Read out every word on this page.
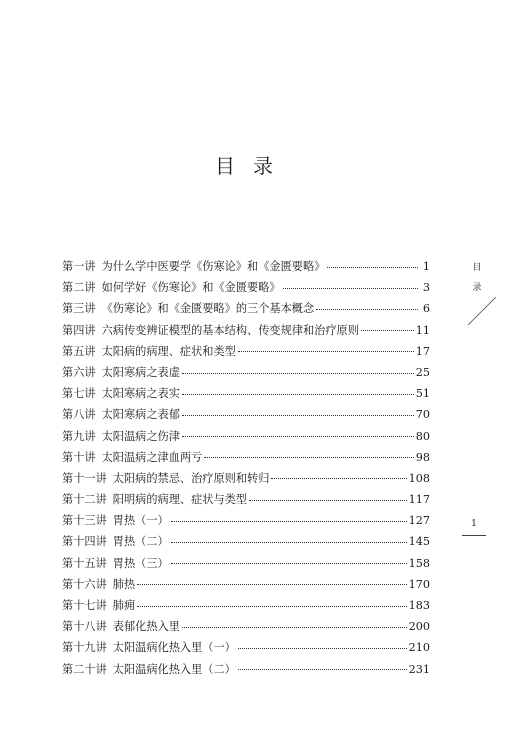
目 录
第一讲 为什么学中医要学《伤寒论》和《金匮要略》	1
第二讲 如何学好《伤寒论》和《金匮要略》	3
第三讲 《伤寒论》和《金匮要略》的三个基本概念	6
第四讲 六病传变辨证模型的基本结构、传变规律和治疗原则	11
第五讲 太阳病的病理、症状和类型	17
第六讲 太阳寒病之表虚	25
第七讲 太阳寒病之表实	51
第八讲 太阳寒病之表郁	70
第九讲 太阳温病之伤津	80
第十讲 太阳温病之津血两亏	98
第十一讲 太阳病的禁忌、治疗原则和转归	108
第十二讲 阳明病的病理、症状与类型	117
第十三讲 胃热（一）	127
第十四讲 胃热（二）	145
第十五讲 胃热（三）	158
第十六讲 肺热	170
第十七讲 肺痈	183
第十八讲 表郁化热入里	200
第十九讲 太阳温病化热入里（一）	210
第二十讲 太阳温病化热入里（二）	231
目
录
1
